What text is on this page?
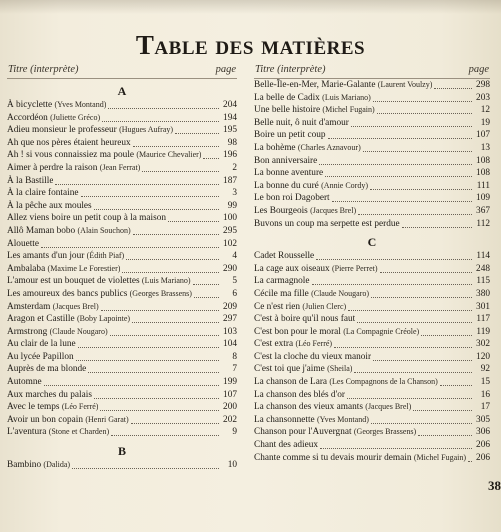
Table des matières
Titre (interprète)	page
A
À bicyclette (Yves Montand)	204
Accordéon (Juliette Gréco)	194
Adieu monsieur le professeur (Hugues Aufray)	195
Ah que nos pères étaient heureux	98
Ah ! si vous connaissiez ma poule (Maurice Chevalier) 196
Aimer à perdre la raison (Jean Ferrat)	2
À la Bastille	187
À la claire fontaine	3
À la pêche aux moules	99
Allez viens boire un petit coup à la maison	100
Allô Maman bobo (Alain Souchon)	295
Alouette	102
Les amants d'un jour (Édith Piaf)	4
Ambalaba (Maxime Le Forestier)	290
L'amour est un bouquet de violettes (Luis Mariano)	5
Les amoureux des bancs publics (Georges Brassens)	6
Amsterdam (Jacques Brel)	209
Aragon et Castille (Boby Lapointe)	297
Armstrong (Claude Nougaro)	103
Au clair de la lune	104
Au lycée Papillon	8
Auprès de ma blonde	7
Automne	199
Aux marches du palais	107
Avec le temps (Léo Ferré)	200
Avoir un bon copain (Henri Garat)	202
L'aventura (Stone et Charden)	9
B
Bambino (Dalida)	10
Titre (interprète)	page
Belle-Île-en-Mer, Marie-Galante (Laurent Voulzy)	298
La belle de Cadix (Luis Mariano)	203
Une belle histoire (Michel Fugain)	12
Belle nuit, ô nuit d'amour	19
Boire un petit coup	107
La bohème (Charles Aznavour)	13
Bon anniversaire	108
La bonne aventure	108
La bonne du curé (Annie Cordy)	111
Le bon roi Dagobert	109
Les Bourgeois (Jacques Brel)	367
Buvons un coup ma serpette est perdue	112
C
Cadet Rousselle	114
La cage aux oiseaux (Pierre Perret)	248
La carmagnole	115
Cécile ma fille (Claude Nougaro)	380
Ce n'est rien (Julien Clerc)	301
C'est à boire qu'il nous faut	117
C'est bon pour le moral (La Compagnie Créole)	119
C'est extra (Léo Ferré)	302
C'est la cloche du vieux manoir	120
C'est toi que j'aime (Sheila)	92
La chanson de Lara (Les Compagnons de la Chanson)	15
La chanson des blés d'or	16
La chanson des vieux amants (Jacques Brel)	17
La chansonnette (Yves Montand)	305
Chanson pour l'Auvergnat (Georges Brassens)	306
Chant des adieux	206
Chante comme si tu devais mourir demain (Michel Fugain) 206
38
